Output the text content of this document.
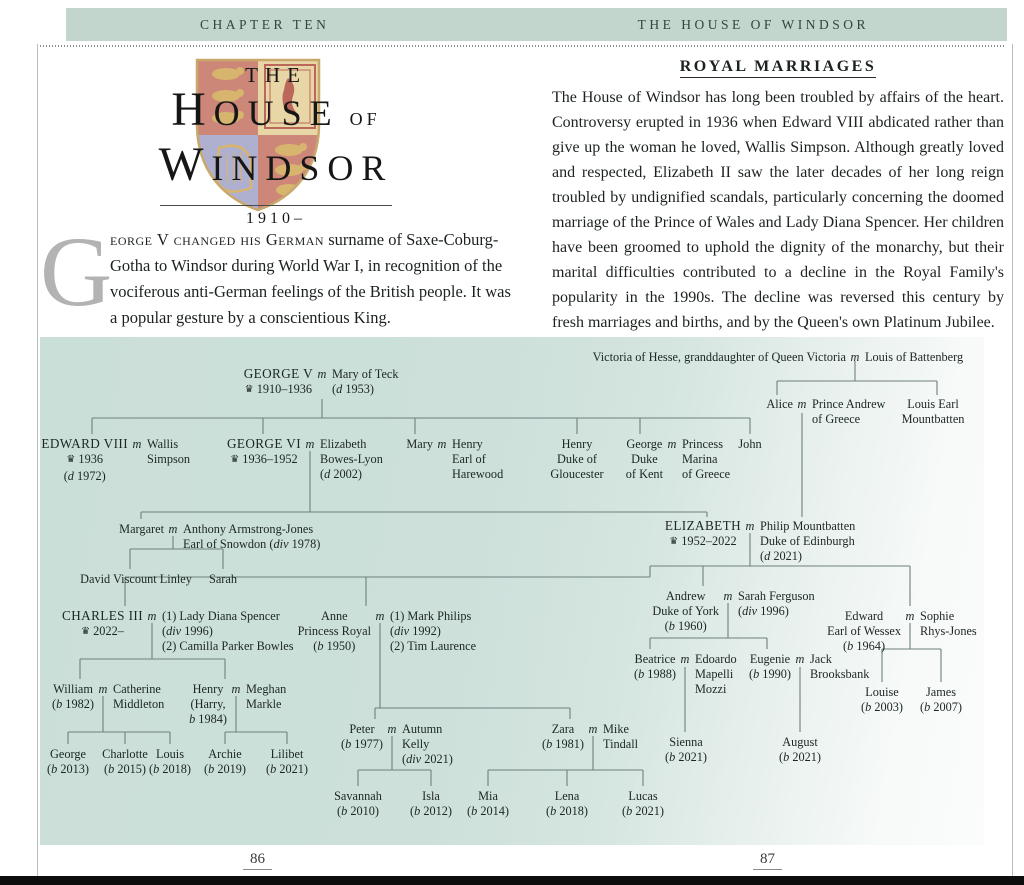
CHAPTER TEN	THE HOUSE OF WINDSOR
THE
HOUSE OF
WINDSOR
1910–
G
eorge V changed his German surname of Saxe-Coburg-Gotha to Windsor during World War I, in recognition of the vociferous anti-German feelings of the British people. It was a popular gesture by a conscientious King.
ROYAL MARRIAGES
The House of Windsor has long been troubled by affairs of the heart. Controversy erupted in 1936 when Edward VIII abdicated rather than give up the woman he loved, Wallis Simpson. Although greatly loved and respected, Elizabeth II saw the later decades of her long reign troubled by undignified scandals, particularly concerning the doomed marriage of the Prince of Wales and Lady Diana Spencer. Her children have been groomed to uphold the dignity of the monarchy, but their marital difficulties contributed to a decline in the Royal Family's popularity in the 1990s. The decline was reversed this century by fresh marriages and births, and by the Queen's own Platinum Jubilee.
Victoria of Hesse, granddaughter of Queen Victoria m Louis of Battenberg
GEORGE V
♛ 1910–1936
m Mary of Teck
(d 1953)
Alice m Prince Andrew
of Greece
Louis Earl
Mountbatten
EDWARD VIII
♛ 1936
(d 1972)
m Wallis
Simpson
GEORGE VI
♛ 1936–1952
m Elizabeth
Bowes-Lyon
(d 2002)
Mary m Henry
Earl of
Harewood
Henry
Duke of
Gloucester
George
Duke
of Kent
m Princess
Marina
of Greece
John
Margaret m Anthony Armstrong-Jones
Earl of Snowdon (div 1978)
David Viscount Linley Sarah
ELIZABETH
♛ 1952–2022
m Philip Mountbatten
Duke of Edinburgh
(d 2021)
CHARLES III
♛ 2022–
m (1) Lady Diana Spencer
(div 1996)
(2) Camilla Parker Bowles
Anne
Princess Royal
(b 1950)
m (1) Mark Philips
(div 1992)
(2) Tim Laurence
Andrew
Duke of York
(b 1960)
m Sarah Ferguson
(div 1996)	Edward
Earl of Wessex
(b 1964)
m Sophie
Rhys-Jones
Beatrice
(b 1988)
m Edoardo
Mapelli
Mozzi
Eugenie
(b 1990)
m Jack
Brooksbank
Louise
(b 2003)
James
(b 2007)
William
(b 1982)
m Catherine
Middleton
Henry
(Harry,
b 1984)
m Meghan
Markle
Peter
(b 1977)
m Autumn
Kelly
(div 2021)
Zara
(b 1981)
m Mike
Tindall	Sienna
(b 2021)
August
(b 2021)
George
(b 2013)
Charlotte
(b 2015)
Louis
(b 2018)
Archie
(b 2019)
Lilibet
(b 2021)
Savannah
(b 2010)
Isla
(b 2012)
Mia
(b 2014)
Lena
(b 2018)
Lucas
(b 2021)
86	87
